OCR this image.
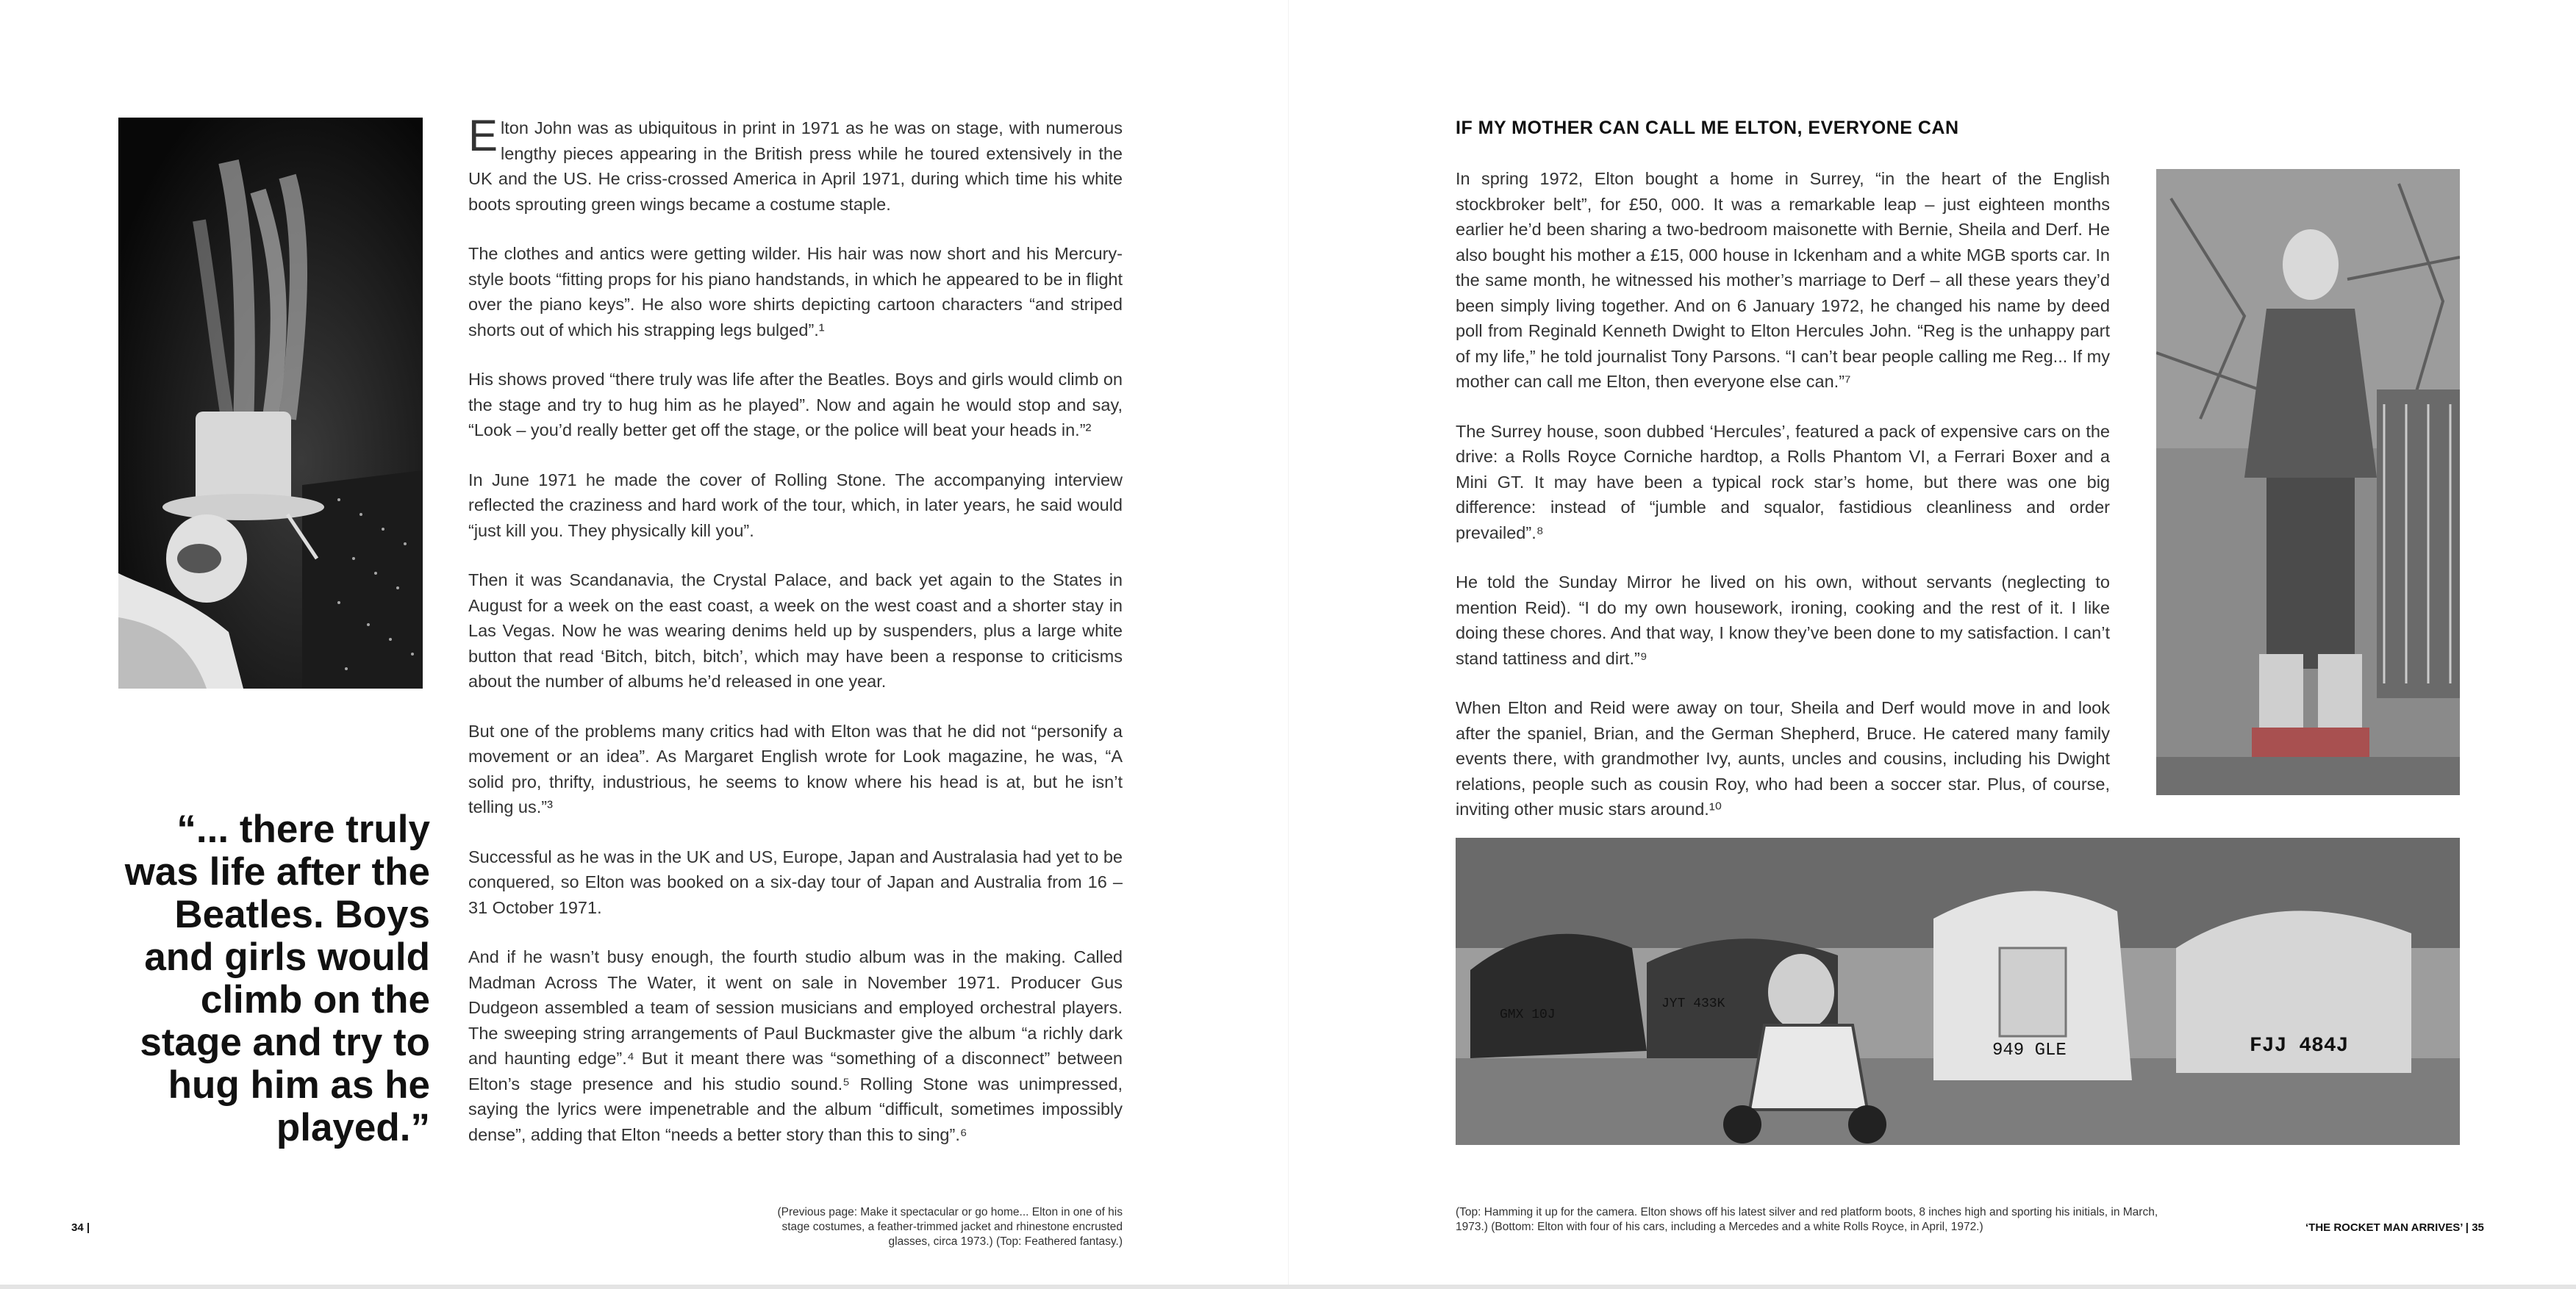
“... there truly was life after the Beatles. Boys and girls would climb on the stage and try to hug him as he played.”

Elton John was as ubiquitous in print in 1971 as he was on stage, with numerous lengthy pieces appearing in the British press while he toured extensively in the UK and the US. He criss-crossed America in April 1971, during which time his white boots sprouting green wings became a costume staple.

The clothes and antics were getting wilder. His hair was now short and his Mercury-style boots “fitting props for his piano handstands, in which he appeared to be in flight over the piano keys”. He also wore shirts depicting cartoon characters “and striped shorts out of which his strapping legs bulged”.¹

His shows proved “there truly was life after the Beatles. Boys and girls would climb on the stage and try to hug him as he played”. Now and again he would stop and say, “Look – you’d really better get off the stage, or the police will beat your heads in.”²

In June 1971 he made the cover of Rolling Stone. The accompanying interview reflected the craziness and hard work of the tour, which, in later years, he said would “just kill you. They physically kill you”.

Then it was Scandanavia, the Crystal Palace, and back yet again to the States in August for a week on the east coast, a week on the west coast and a shorter stay in Las Vegas. Now he was wearing denims held up by suspenders, plus a large white button that read ‘Bitch, bitch, bitch’, which may have been a response to criticisms about the number of albums he’d released in one year.

But one of the problems many critics had with Elton was that he did not “personify a movement or an idea”. As Margaret English wrote for Look magazine, he was, “A solid pro, thrifty, industrious, he seems to know where his head is at, but he isn’t telling us.”³

Successful as he was in the UK and US, Europe, Japan and Australasia had yet to be conquered, so Elton was booked on a six-day tour of Japan and Australia from 16 – 31 October 1971.

And if he wasn’t busy enough, the fourth studio album was in the making. Called Madman Across The Water, it went on sale in November 1971. Producer Gus Dudgeon assembled a team of session musicians and employed orchestral players. The sweeping string arrangements of Paul Buckmaster give the album “a richly dark and haunting edge”.⁴ But it meant there was “something of a disconnect” between Elton’s stage presence and his studio sound.⁵ Rolling Stone was unimpressed, saying the lyrics were impenetrable and the album “difficult, sometimes impossibly dense”, adding that Elton “needs a better story than this to sing”.⁶

34 |
(Previous page: Make it spectacular or go home... Elton in one of his stage costumes, a feather-trimmed jacket and rhinestone encrusted glasses, circa 1973.) (Top: Feathered fantasy.)
IF MY MOTHER CAN CALL ME ELTON, EVERYONE CAN

In spring 1972, Elton bought a home in Surrey, “in the heart of the English stockbroker belt”, for £50, 000. It was a remarkable leap – just eighteen months earlier he’d been sharing a two-bedroom maisonette with Bernie, Sheila and Derf. He also bought his mother a £15, 000 house in Ickenham and a white MGB sports car. In the same month, he witnessed his mother’s marriage to Derf – all these years they’d been simply living together. And on 6 January 1972, he changed his name by deed poll from Reginald Kenneth Dwight to Elton Hercules John. “Reg is the unhappy part of my life,” he told journalist Tony Parsons. “I can’t bear people calling me Reg... If my mother can call me Elton, then everyone else can.”⁷

The Surrey house, soon dubbed ‘Hercules’, featured a pack of expensive cars on the drive: a Rolls Royce Corniche hardtop, a Rolls Phantom VI, a Ferrari Boxer and a Mini GT. It may have been a typical rock star’s home, but there was one big difference: instead of “jumble and squalor, fastidious cleanliness and order prevailed”.⁸

He told the Sunday Mirror he lived on his own, without servants (neglecting to mention Reid). “I do my own housework, ironing, cooking and the rest of it. I like doing these chores. And that way, I know they’ve been done to my satisfaction. I can’t stand tattiness and dirt.”⁹

When Elton and Reid were away on tour, Sheila and Derf would move in and look after the spaniel, Brian, and the German Shepherd, Bruce. He catered many family events there, with grandmother Ivy, aunts, uncles and cousins, including his Dwight relations, people such as cousin Roy, who had been a soccer star. Plus, of course, inviting other music stars around.¹⁰

GMX 10J
JYT 433K
949 GLE	FJJ 484J
(Top: Hamming it up for the camera. Elton shows off his latest silver and red platform boots, 8 inches high and sporting his initials, in March, 1973.) (Bottom: Elton with four of his cars, including a Mercedes and a white Rolls Royce, in April, 1972.)	‘THE ROCKET MAN ARRIVES’ | 35
